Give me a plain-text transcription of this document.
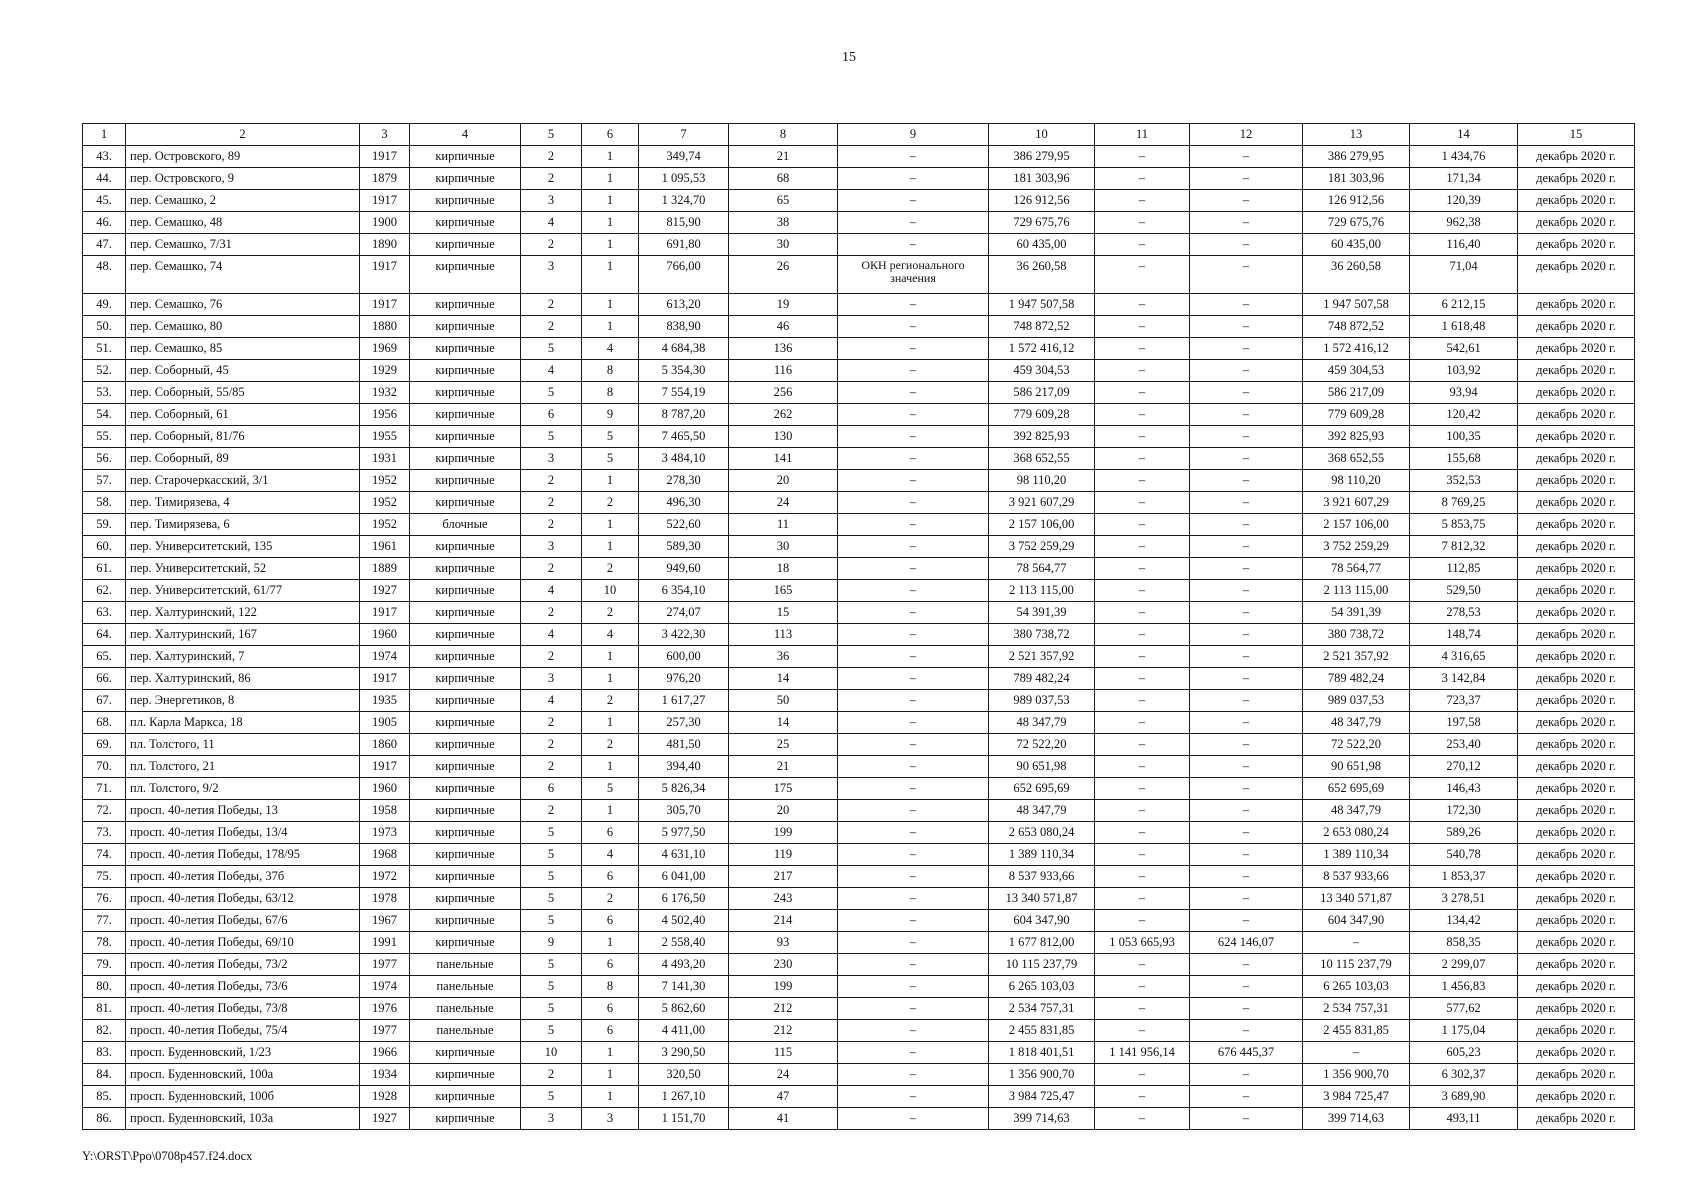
15
1	2	3	4	5	6	7	8	9	10	11	12	13	14	15
43.	пер. Островского, 89	1917	кирпичные	2	1	349,74	21	–	386 279,95	–	–	386 279,95	1 434,76	декабрь 2020 г.
44.	пер. Островского, 9	1879	кирпичные	2	1	1 095,53	68	–	181 303,96	–	–	181 303,96	171,34	декабрь 2020 г.
45.	пер. Семашко, 2	1917	кирпичные	3	1	1 324,70	65	–	126 912,56	–	–	126 912,56	120,39	декабрь 2020 г.
46.	пер. Семашко, 48	1900	кирпичные	4	1	815,90	38	–	729 675,76	–	–	729 675,76	962,38	декабрь 2020 г.
47.	пер. Семашко, 7/31	1890	кирпичные	2	1	691,80	30	–	60 435,00	–	–	60 435,00	116,40	декабрь 2020 г.
48.	пер. Семашко, 74	1917	кирпичные	3	1	766,00	26	ОКН регионального значения	36 260,58	–	–	36 260,58	71,04	декабрь 2020 г.
49.	пер. Семашко, 76	1917	кирпичные	2	1	613,20	19	–	1 947 507,58	–	–	1 947 507,58	6 212,15	декабрь 2020 г.
50.	пер. Семашко, 80	1880	кирпичные	2	1	838,90	46	–	748 872,52	–	–	748 872,52	1 618,48	декабрь 2020 г.
51.	пер. Семашко, 85	1969	кирпичные	5	4	4 684,38	136	–	1 572 416,12	–	–	1 572 416,12	542,61	декабрь 2020 г.
52.	пер. Соборный, 45	1929	кирпичные	4	8	5 354,30	116	–	459 304,53	–	–	459 304,53	103,92	декабрь 2020 г.
53.	пер. Соборный, 55/85	1932	кирпичные	5	8	7 554,19	256	–	586 217,09	–	–	586 217,09	93,94	декабрь 2020 г.
54.	пер. Соборный, 61	1956	кирпичные	6	9	8 787,20	262	–	779 609,28	–	–	779 609,28	120,42	декабрь 2020 г.
55.	пер. Соборный, 81/76	1955	кирпичные	5	5	7 465,50	130	–	392 825,93	–	–	392 825,93	100,35	декабрь 2020 г.
56.	пер. Соборный, 89	1931	кирпичные	3	5	3 484,10	141	–	368 652,55	–	–	368 652,55	155,68	декабрь 2020 г.
57.	пер. Старочеркасский, 3/1	1952	кирпичные	2	1	278,30	20	–	98 110,20	–	–	98 110,20	352,53	декабрь 2020 г.
58.	пер. Тимирязева, 4	1952	кирпичные	2	2	496,30	24	–	3 921 607,29	–	–	3 921 607,29	8 769,25	декабрь 2020 г.
59.	пер. Тимирязева, 6	1952	блочные	2	1	522,60	11	–	2 157 106,00	–	–	2 157 106,00	5 853,75	декабрь 2020 г.
60.	пер. Университетский, 135	1961	кирпичные	3	1	589,30	30	–	3 752 259,29	–	–	3 752 259,29	7 812,32	декабрь 2020 г.
61.	пер. Университетский, 52	1889	кирпичные	2	2	949,60	18	–	78 564,77	–	–	78 564,77	112,85	декабрь 2020 г.
62.	пер. Университетский, 61/77	1927	кирпичные	4	10	6 354,10	165	–	2 113 115,00	–	–	2 113 115,00	529,50	декабрь 2020 г.
63.	пер. Халтуринский, 122	1917	кирпичные	2	2	274,07	15	–	54 391,39	–	–	54 391,39	278,53	декабрь 2020 г.
64.	пер. Халтуринский, 167	1960	кирпичные	4	4	3 422,30	113	–	380 738,72	–	–	380 738,72	148,74	декабрь 2020 г.
65.	пер. Халтуринский, 7	1974	кирпичные	2	1	600,00	36	–	2 521 357,92	–	–	2 521 357,92	4 316,65	декабрь 2020 г.
66.	пер. Халтуринский, 86	1917	кирпичные	3	1	976,20	14	–	789 482,24	–	–	789 482,24	3 142,84	декабрь 2020 г.
67.	пер. Энергетиков, 8	1935	кирпичные	4	2	1 617,27	50	–	989 037,53	–	–	989 037,53	723,37	декабрь 2020 г.
68.	пл. Карла Маркса, 18	1905	кирпичные	2	1	257,30	14	–	48 347,79	–	–	48 347,79	197,58	декабрь 2020 г.
69.	пл. Толстого, 11	1860	кирпичные	2	2	481,50	25	–	72 522,20	–	–	72 522,20	253,40	декабрь 2020 г.
70.	пл. Толстого, 21	1917	кирпичные	2	1	394,40	21	–	90 651,98	–	–	90 651,98	270,12	декабрь 2020 г.
71.	пл. Толстого, 9/2	1960	кирпичные	6	5	5 826,34	175	–	652 695,69	–	–	652 695,69	146,43	декабрь 2020 г.
72.	просп. 40-летия Победы, 13	1958	кирпичные	2	1	305,70	20	–	48 347,79	–	–	48 347,79	172,30	декабрь 2020 г.
73.	просп. 40-летия Победы, 13/4	1973	кирпичные	5	6	5 977,50	199	–	2 653 080,24	–	–	2 653 080,24	589,26	декабрь 2020 г.
74.	просп. 40-летия Победы, 178/95	1968	кирпичные	5	4	4 631,10	119	–	1 389 110,34	–	–	1 389 110,34	540,78	декабрь 2020 г.
75.	просп. 40-летия Победы, 37б	1972	кирпичные	5	6	6 041,00	217	–	8 537 933,66	–	–	8 537 933,66	1 853,37	декабрь 2020 г.
76.	просп. 40-летия Победы, 63/12	1978	кирпичные	5	2	6 176,50	243	–	13 340 571,87	–	–	13 340 571,87	3 278,51	декабрь 2020 г.
77.	просп. 40-летия Победы, 67/6	1967	кирпичные	5	6	4 502,40	214	–	604 347,90	–	–	604 347,90	134,42	декабрь 2020 г.
78.	просп. 40-летия Победы, 69/10	1991	кирпичные	9	1	2 558,40	93	–	1 677 812,00	1 053 665,93	624 146,07	–	858,35	декабрь 2020 г.
79.	просп. 40-летия Победы, 73/2	1977	панельные	5	6	4 493,20	230	–	10 115 237,79	–	–	10 115 237,79	2 299,07	декабрь 2020 г.
80.	просп. 40-летия Победы, 73/6	1974	панельные	5	8	7 141,30	199	–	6 265 103,03	–	–	6 265 103,03	1 456,83	декабрь 2020 г.
81.	просп. 40-летия Победы, 73/8	1976	панельные	5	6	5 862,60	212	–	2 534 757,31	–	–	2 534 757,31	577,62	декабрь 2020 г.
82.	просп. 40-летия Победы, 75/4	1977	панельные	5	6	4 411,00	212	–	2 455 831,85	–	–	2 455 831,85	1 175,04	декабрь 2020 г.
83.	просп. Буденновский, 1/23	1966	кирпичные	10	1	3 290,50	115	–	1 818 401,51	1 141 956,14	676 445,37	–	605,23	декабрь 2020 г.
84.	просп. Буденновский, 100а	1934	кирпичные	2	1	320,50	24	–	1 356 900,70	–	–	1 356 900,70	6 302,37	декабрь 2020 г.
85.	просп. Буденновский, 100б	1928	кирпичные	5	1	1 267,10	47	–	3 984 725,47	–	–	3 984 725,47	3 689,90	декабрь 2020 г.
86.	просп. Буденновский, 103а	1927	кирпичные	3	3	1 151,70	41	–	399 714,63	–	–	399 714,63	493,11	декабрь 2020 г.
Y:\ORST\Ppo\0708p457.f24.docx
